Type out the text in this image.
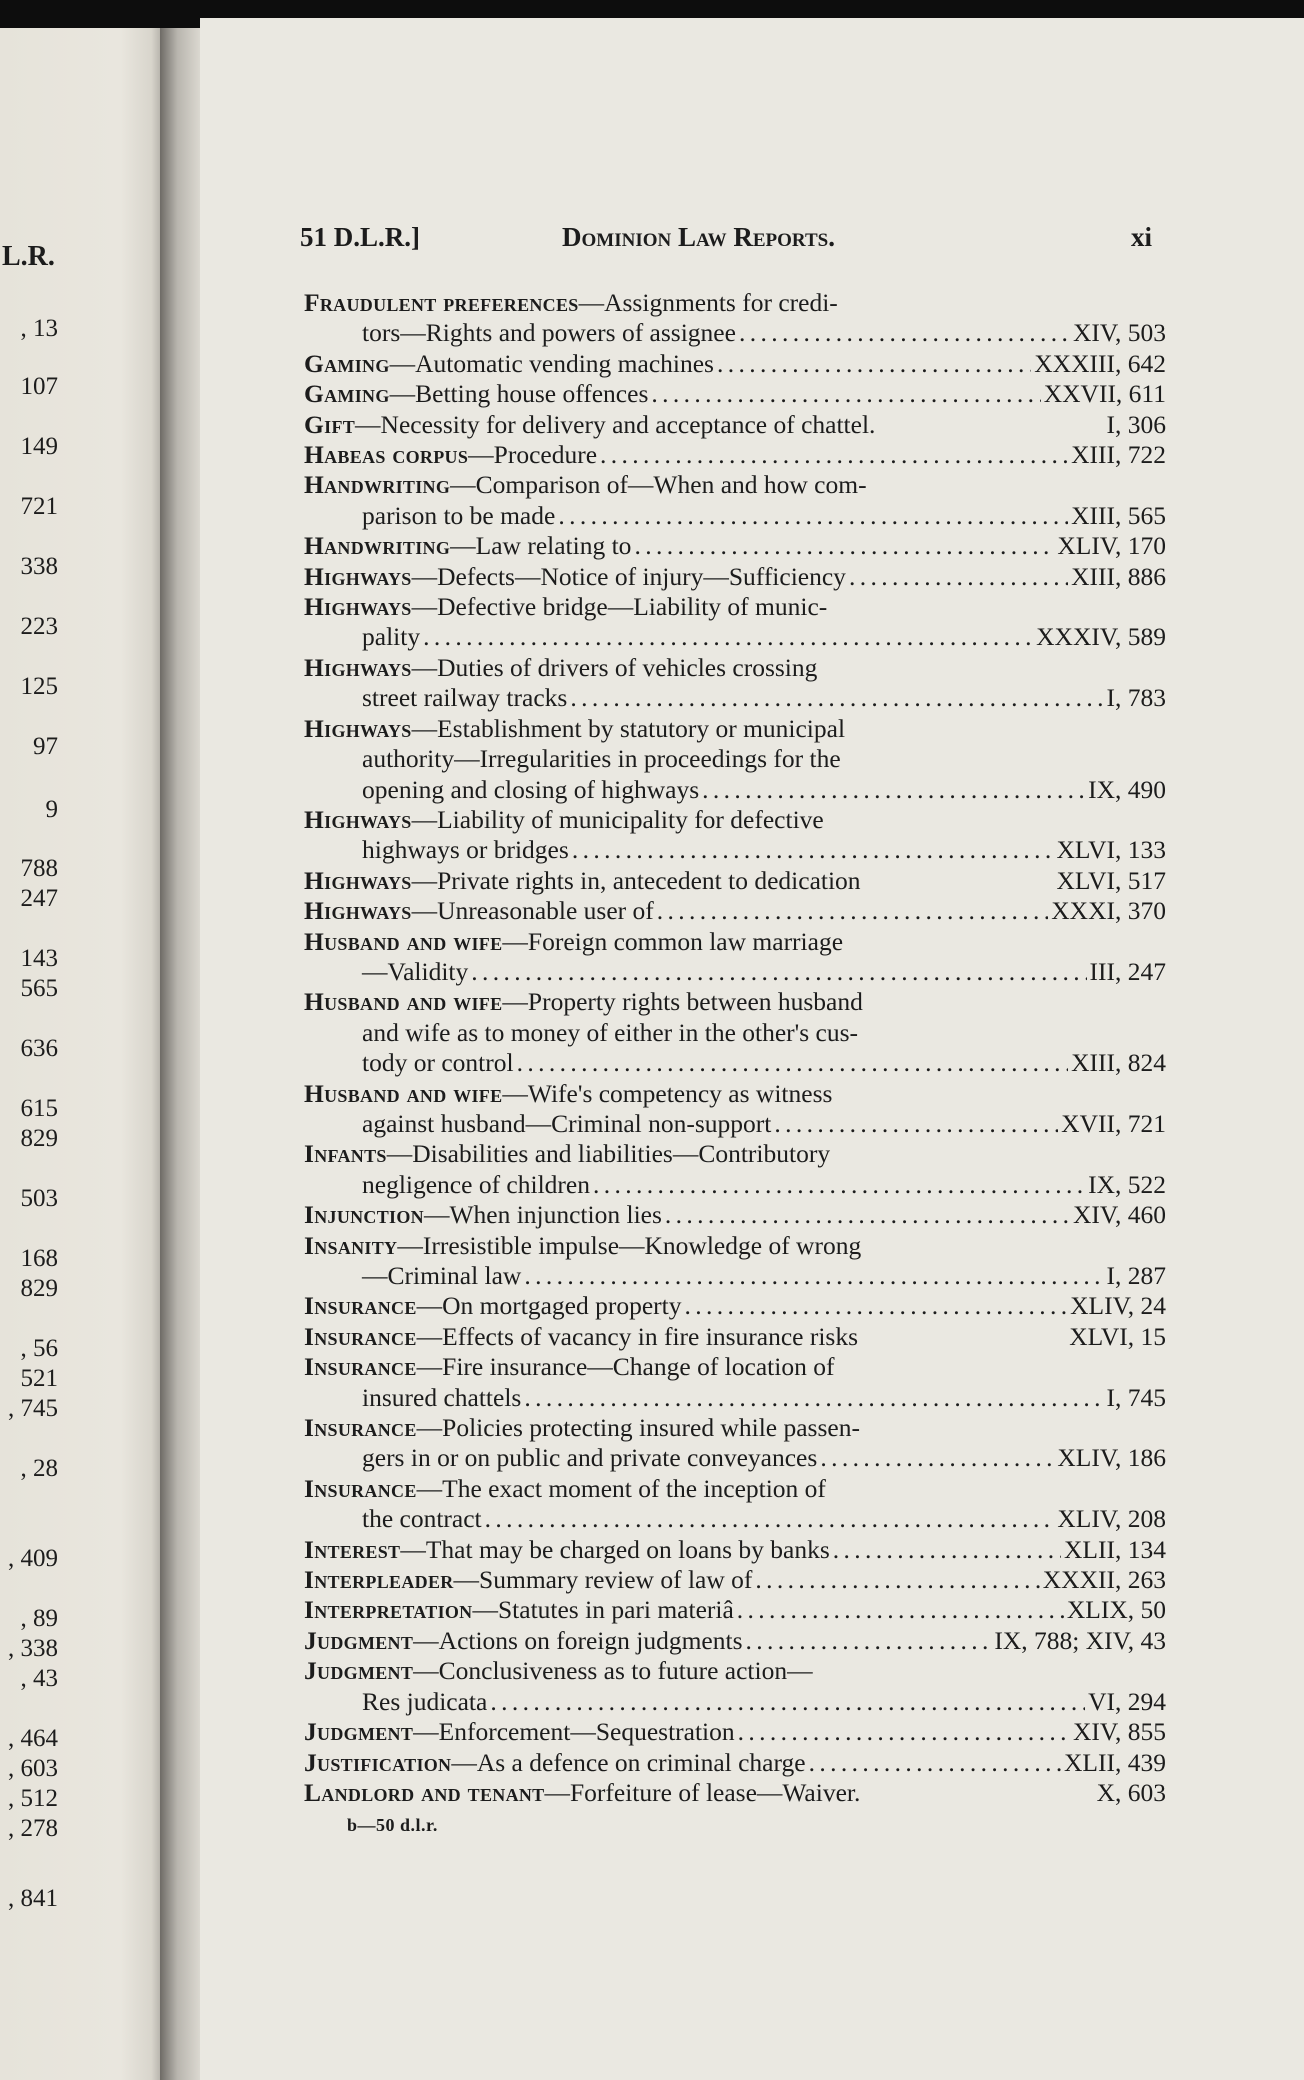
L.R.
, 13
107
149
721
338
223
125
97
9
788
247
143
565
636
615
829
503
168
829
, 56
521
, 745
, 28
, 409
, 89
, 338
, 43
, 464
, 603
, 512
, 278
, 841
51 D.L.R.]	Dominion Law Reports.	xi
Fraudulent preferences —Assignments for credi-
tors—Rights and powers of assignee . . .	XIV, 503
Gaming —Automatic vending machines . . .	XXXIII, 642
Gaming —Betting house offences . . .	XXVII, 611
Gift —Necessity for delivery and acceptance of chattel.	I, 306
Habeas corpus —Procedure . . .	XIII, 722
Handwriting —Comparison of—When and how com-
parison to be made . . .	XIII, 565
Handwriting —Law relating to . . .	XLIV, 170
Highways —Defects—Notice of injury—Sufficiency . . .	XIII, 886
Highways —Defective bridge—Liability of munic-
pality . . .	XXXIV, 589
Highways —Duties of drivers of vehicles crossing
street railway tracks . . .	I, 783
Highways —Establishment by statutory or municipal
authority—Irregularities in proceedings for the
opening and closing of highways . . .	IX, 490
Highways —Liability of municipality for defective
highways or bridges . . .	XLVI, 133
Highways —Private rights in, antecedent to dedication	XLVI, 517
Highways —Unreasonable user of . . .	XXXI, 370
Husband and wife —Foreign common law marriage
—Validity . . .	III, 247
Husband and wife —Property rights between husband
and wife as to money of either in the other's cus-
tody or control . . .	XIII, 824
Husband and wife —Wife's competency as witness
against husband—Criminal non-support . . .	XVII, 721
Infants —Disabilities and liabilities—Contributory
negligence of children . . .	IX, 522
Injunction —When injunction lies . . .	XIV, 460
Insanity —Irresistible impulse—Knowledge of wrong
—Criminal law . . .	I, 287
Insurance —On mortgaged property . . .	XLIV, 24
Insurance —Effects of vacancy in fire insurance risks	XLVI, 15
Insurance —Fire insurance—Change of location of
insured chattels . . .	I, 745
Insurance —Policies protecting insured while passen-
gers in or on public and private conveyances . . .	XLIV, 186
Insurance —The exact moment of the inception of
the contract . . .	XLIV, 208
Interest —That may be charged on loans by banks . . .	XLII, 134
Interpleader —Summary review of law of . . .	XXXII, 263
Interpretation —Statutes in pari materiâ . . .	XLIX, 50
Judgment —Actions on foreign judgments . . .	IX, 788; XIV, 43
Judgment —Conclusiveness as to future action—
Res judicata . . .	VI, 294
Judgment —Enforcement—Sequestration . . .	XIV, 855
Justification —As a defence on criminal charge . . .	XLII, 439
Landlord and tenant —Forfeiture of lease—Waiver.	X, 603
b—50 d.l.r.
